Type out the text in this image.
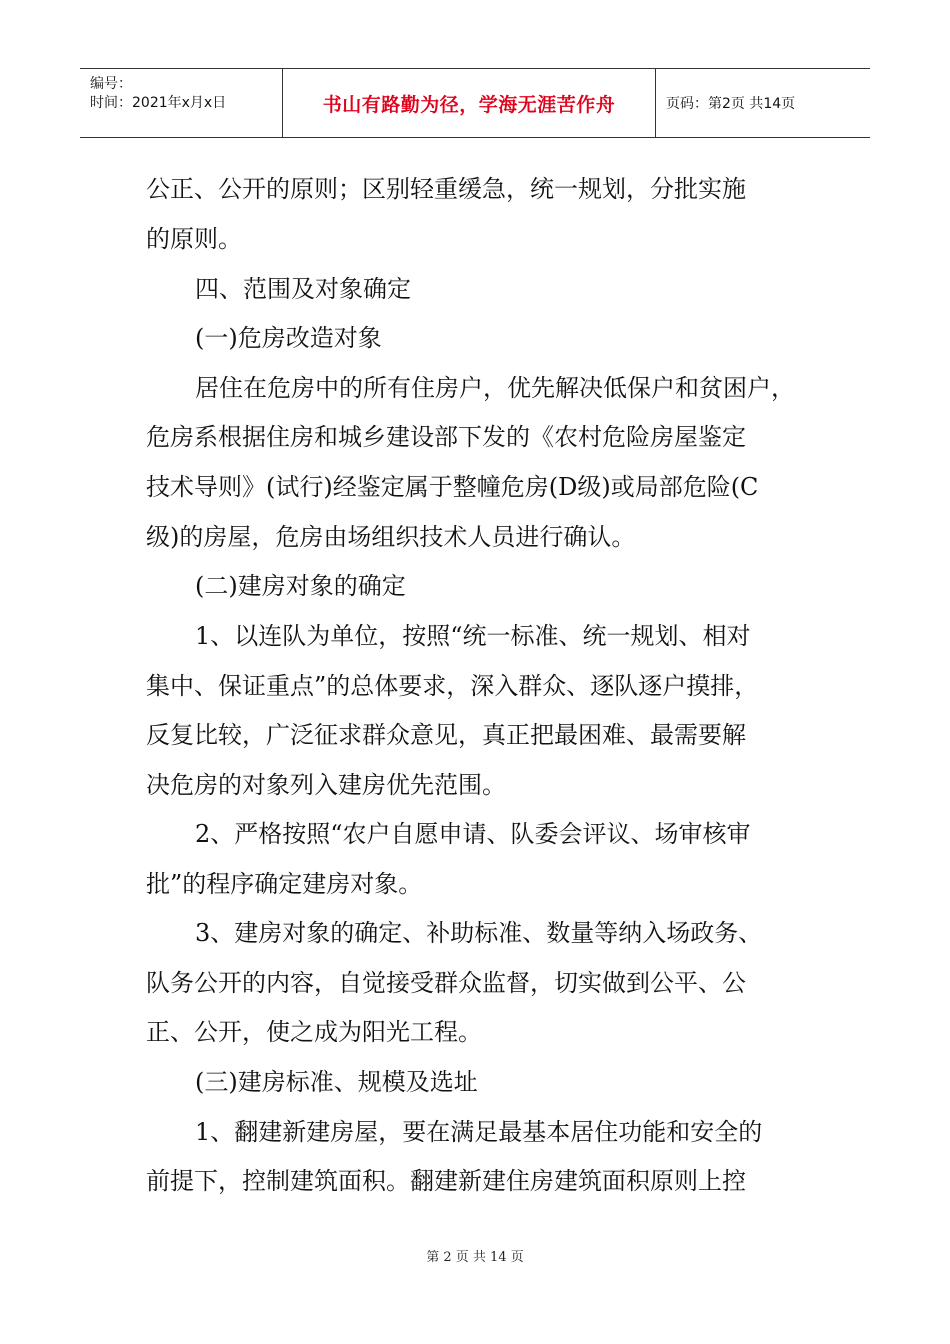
编号：
时间：2021年x月x日	书山有路勤为径，学海无涯苦作舟	页码：第2页 共14页
公正、公开的原则；区别轻重缓急，统一规划，分批实施
的原则。
四、范围及对象确定
(一)危房改造对象
居住在危房中的所有住房户，优先解决低保户和贫困户，
危房系根据住房和城乡建设部下发的《农村危险房屋鉴定
技术导则》(试行)经鉴定属于整幢危房(D级)或局部危险(C
级)的房屋，危房由场组织技术人员进行确认。
(二)建房对象的确定
1、以连队为单位，按照“统一标准、统一规划、相对
集中、保证重点”的总体要求，深入群众、逐队逐户摸排，
反复比较，广泛征求群众意见，真正把最困难、最需要解
决危房的对象列入建房优先范围。
2、严格按照“农户自愿申请、队委会评议、场审核审
批”的程序确定建房对象。
3、建房对象的确定、补助标准、数量等纳入场政务、
队务公开的内容，自觉接受群众监督，切实做到公平、公
正、公开，使之成为阳光工程。
(三)建房标准、规模及选址
1、翻建新建房屋，要在满足最基本居住功能和安全的
前提下，控制建筑面积。翻建新建住房建筑面积原则上控
第 2 页 共 14 页
